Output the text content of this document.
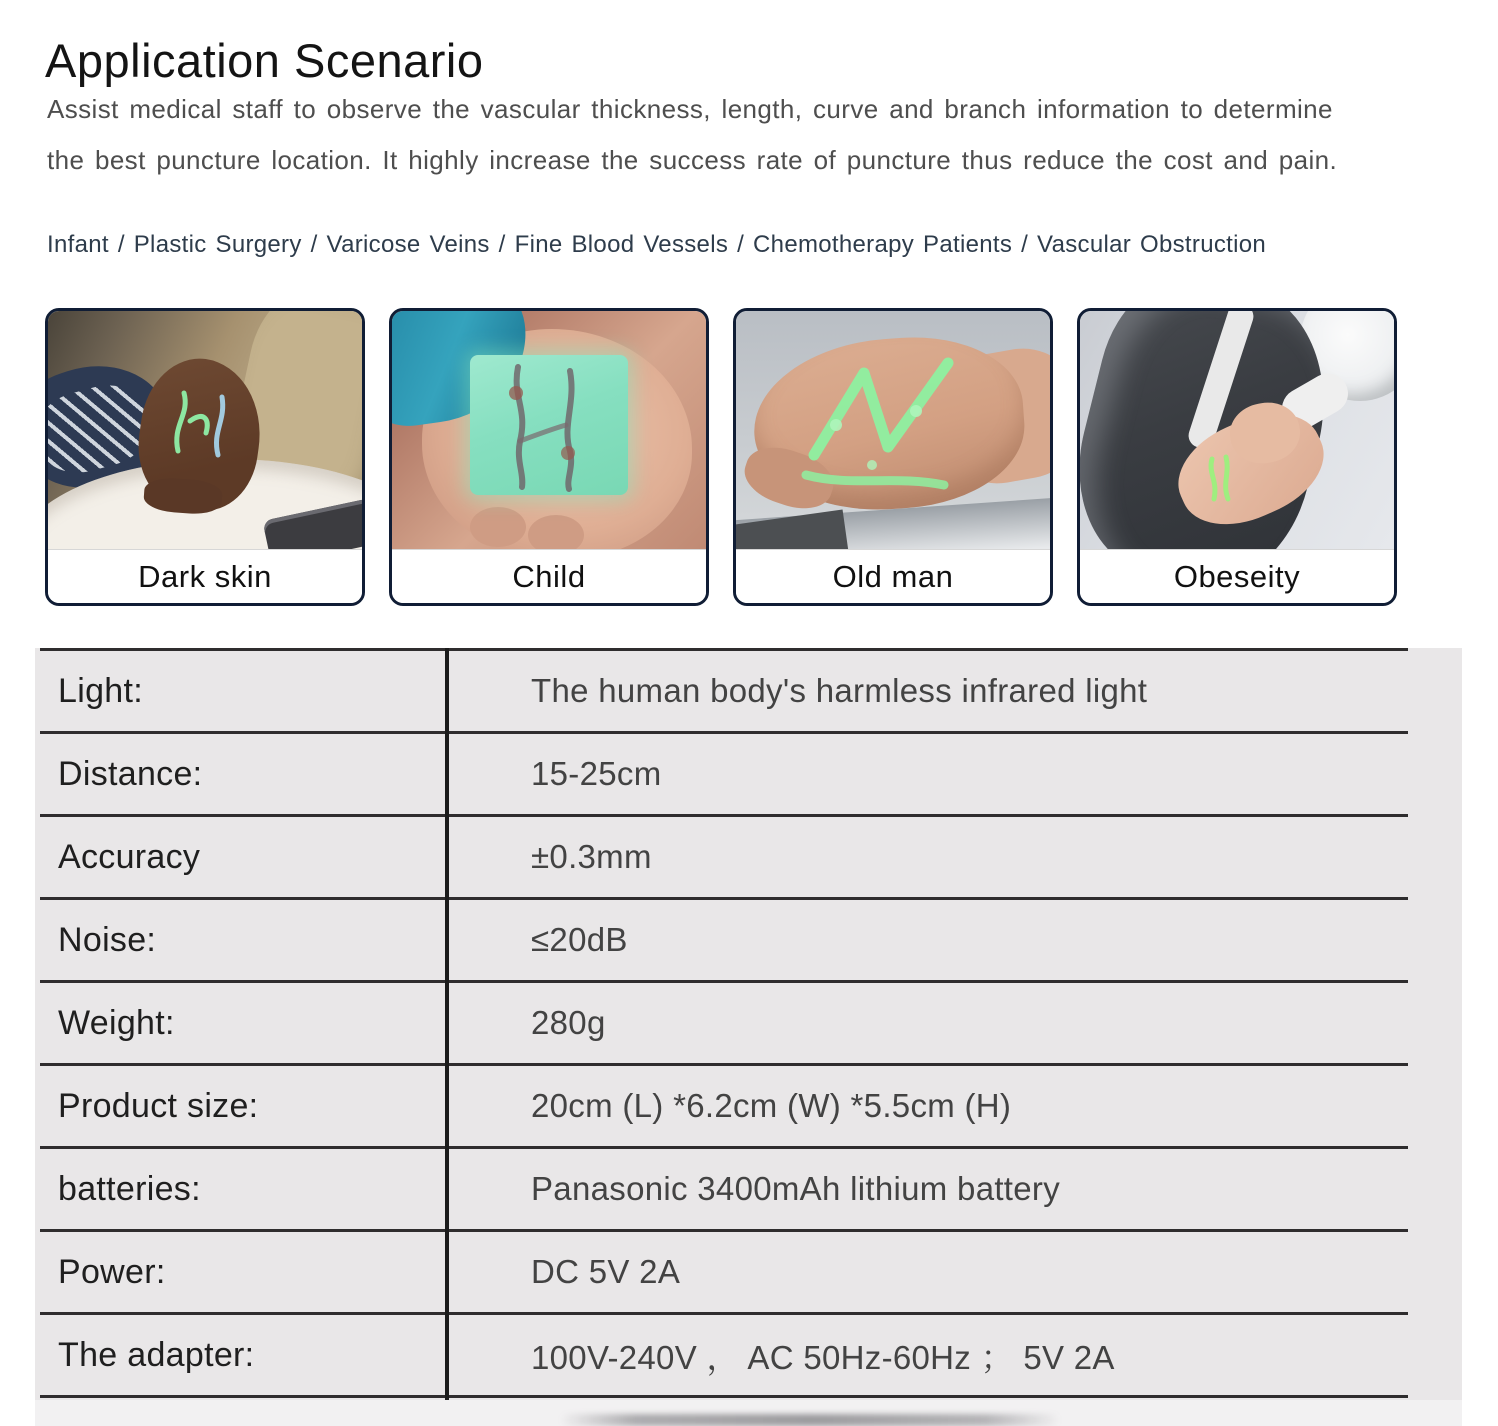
Application Scenario
Assist medical staff to observe the vascular thickness, length, curve and branch information to determine
the best puncture location. It highly increase the success rate of puncture thus reduce the cost and pain.
Infant / Plastic Surgery / Varicose Veins / Fine Blood Vessels / Chemotherapy Patients / Vascular Obstruction
Dark skin	Child	Old man	Obeseity
Light:	The human body's harmless infrared light
Distance:	15-25cm
Accuracy	±0.3mm
Noise:	≤20dB
Weight:	280g
Product size:	20cm (L) *6.2cm (W) *5.5cm (H)
batteries:	Panasonic 3400mAh lithium battery
Power:	DC 5V 2A
The adapter:	100V-240V ， AC 50Hz-60Hz ； 5V 2A
